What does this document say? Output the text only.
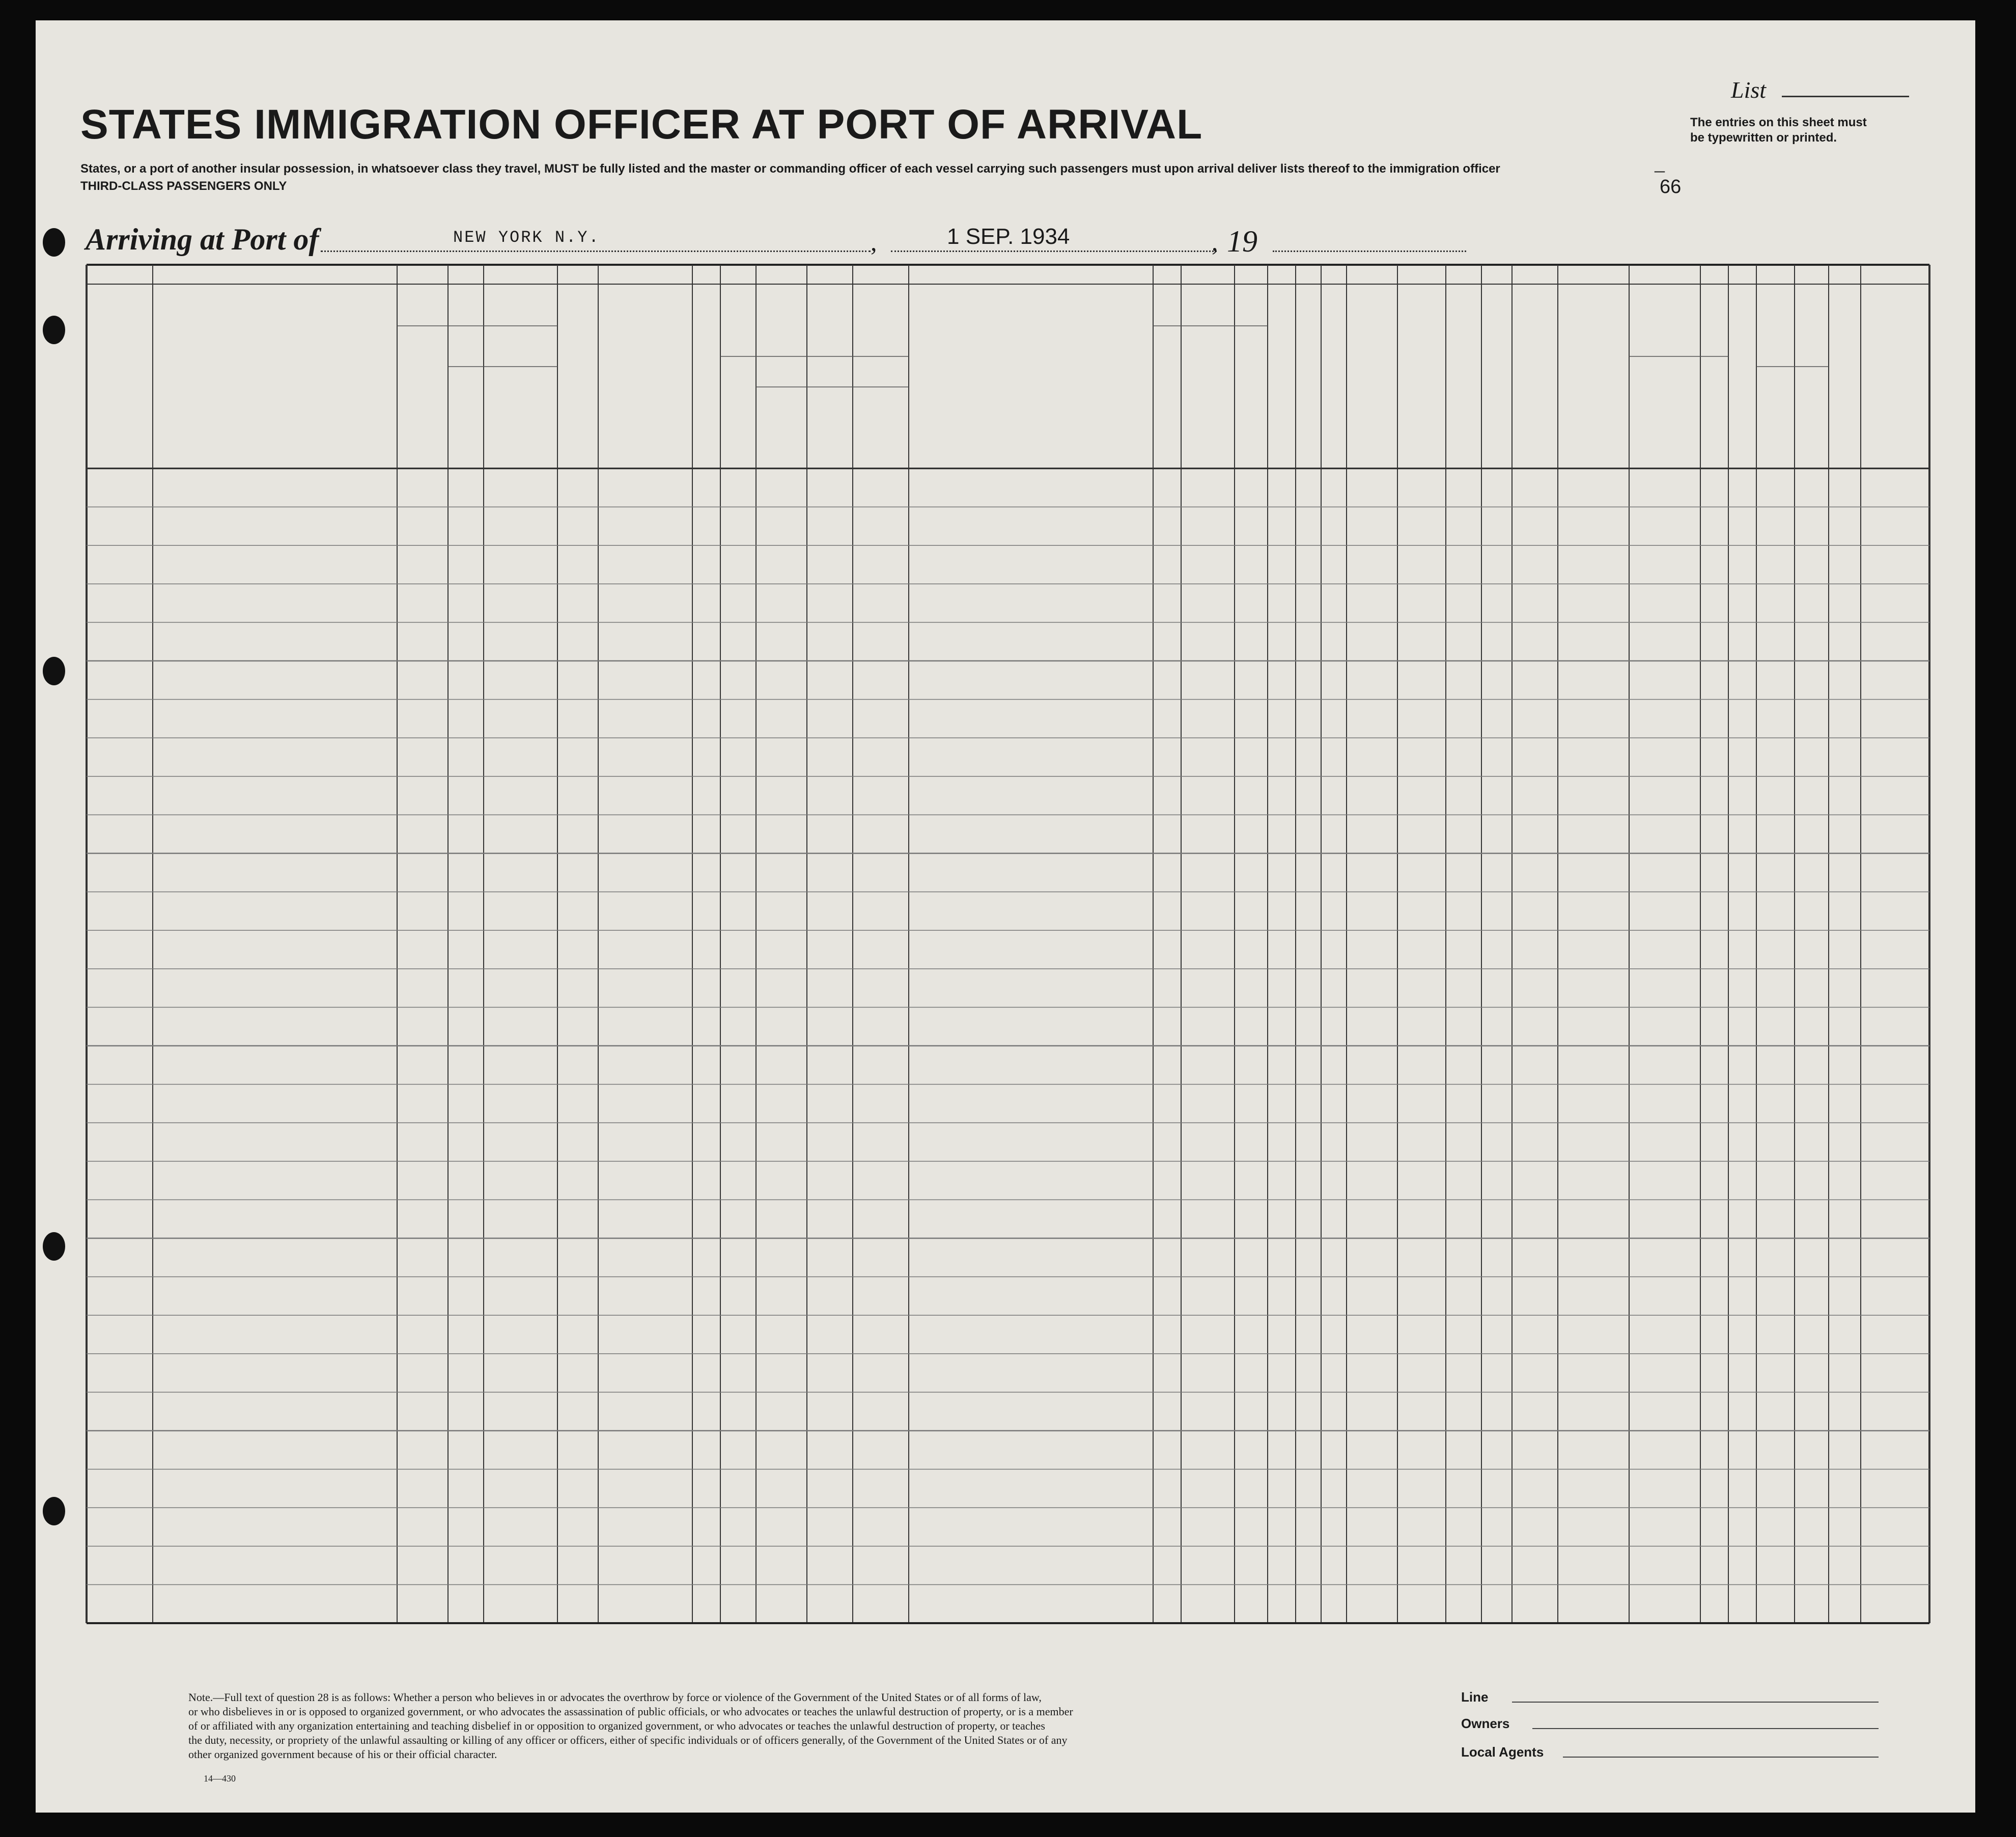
STATES IMMIGRATION OFFICER AT PORT OF ARRIVAL
List
The entries on this sheet must
be typewritten or printed.
States, or a port of another insular possession, in whatsoever class they travel, MUST be fully listed and the master or commanding officer of each vessel carrying such passengers must upon arrival deliver lists thereof to the immigration officer
THIRD-CLASS PASSENGERS ONLY
–
66
Arriving at Port of	NEW YORK N.Y.	,	1 SEP. 1934	, 19
Note.—Full text of question 28 is as follows: Whether a person who believes in or advocates the overthrow by force or violence of the Government of the United States or of all forms of law,
or who disbelieves in or is opposed to organized government, or who advocates the assassination of public officials, or who advocates or teaches the unlawful destruction of property, or is a member
of or affiliated with any organization entertaining and teaching disbelief in or opposition to organized government, or who advocates or teaches the unlawful destruction of property, or teaches
the duty, necessity, or propriety of the unlawful assaulting or killing of any officer or officers, either of specific individuals or of officers generally, of the Government of the United States or of any
other organized government because of his or their official character.
14—430
Line
Owners
Local Agents
